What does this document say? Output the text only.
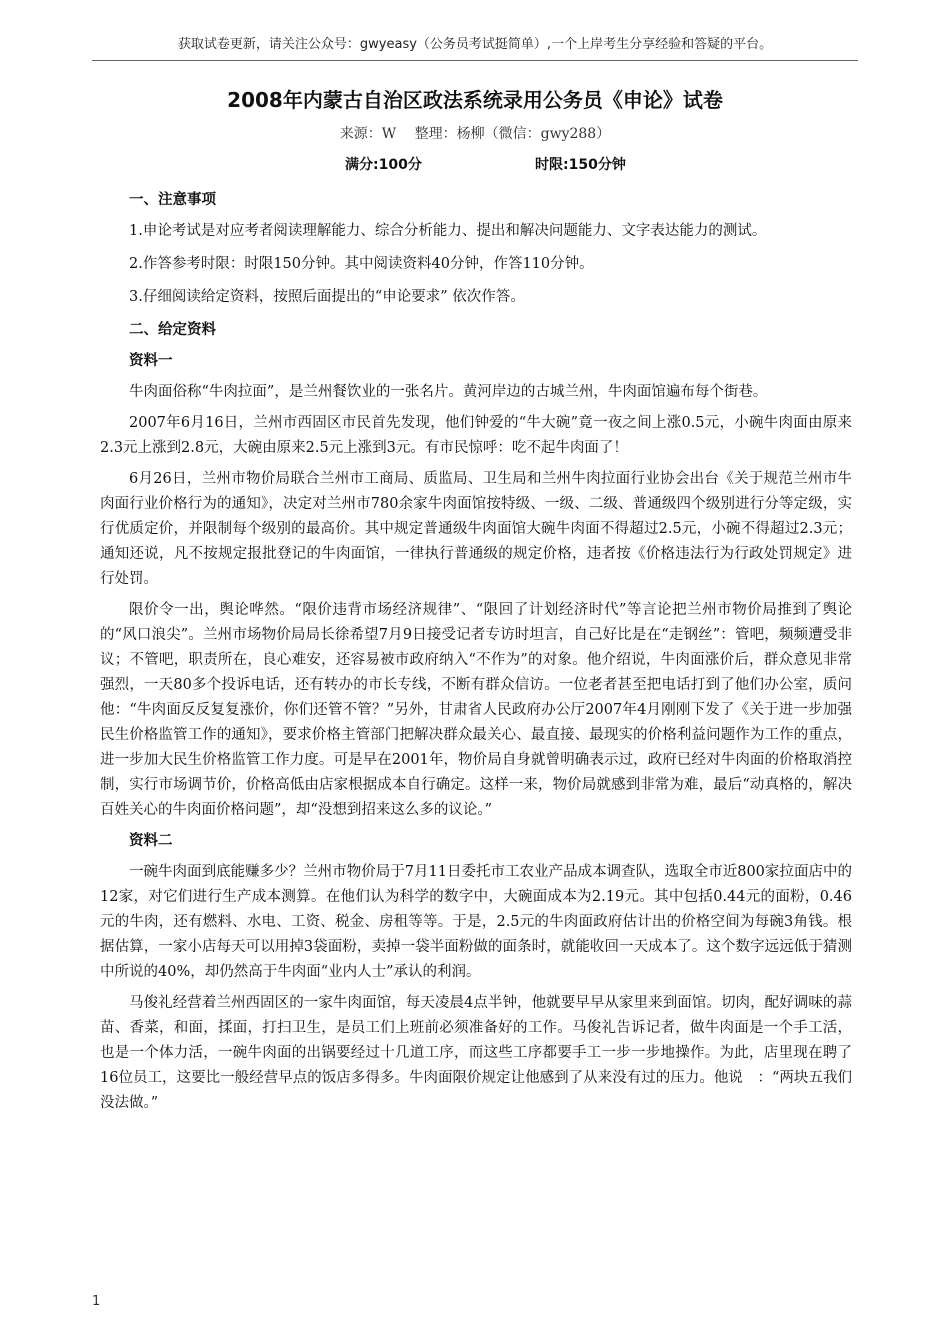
获取试卷更新，请关注公众号：gwyeasy（公务员考试挺简单）,一个上岸考生分享经验和答疑的平台。
2008年内蒙古自治区政法系统录用公务员《申论》试卷
来源：W　 整理：杨柳（微信：gwy288）
满分:100分	时限:150分钟
一、注意事项

1.申论考试是对应考者阅读理解能力、综合分析能力、提出和解决问题能力、文字表达能力的测试。

2.作答参考时限：时限150分钟。其中阅读资料40分钟，作答110分钟。

3.仔细阅读给定资料，按照后面提出的“申论要求” 依次作答。

二、给定资料
资料一

牛肉面俗称“牛肉拉面”，是兰州餐饮业的一张名片。黄河岸边的古城兰州，牛肉面馆遍布每个街巷。

2007年6月16日，兰州市西固区市民首先发现，他们钟爱的“牛大碗”竟一夜之间上涨0.5元，小碗牛肉面由原来2.3元上涨到2.8元，大碗由原来2.5元上涨到3元。有市民惊呼：吃不起牛肉面了！

6月26日，兰州市物价局联合兰州市工商局、质监局、卫生局和兰州牛肉拉面行业协会出台《关于规范兰州市牛肉面行业价格行为的通知》，决定对兰州市780余家牛肉面馆按特级、一级、二级、普通级四个级别进行分等定级，实行优质定价，并限制每个级别的最高价。其中规定普通级牛肉面馆大碗牛肉面不得超过2.5元，小碗不得超过2.3元；通知还说，凡不按规定报批登记的牛肉面馆，一律执行普通级的规定价格，违者按《价格违法行为行政处罚规定》进行处罚。

限价令一出，舆论哗然。“限价违背市场经济规律”、“限回了计划经济时代”等言论把兰州市物价局推到了舆论的“风口浪尖”。兰州市场物价局局长徐希望7月9日接受记者专访时坦言，自己好比是在“走钢丝”：管吧，频频遭受非议；不管吧，职责所在，良心难安，还容易被市政府纳入“不作为”的对象。他介绍说，牛肉面涨价后，群众意见非常强烈，一天80多个投诉电话，还有转办的市长专线，不断有群众信访。一位老者甚至把电话打到了他们办公室，质问他：“牛肉面反反复复涨价，你们还管不管？”另外，甘肃省人民政府办公厅2007年4月刚刚下发了《关于进一步加强民生价格监管工作的通知》，要求价格主管部门把解决群众最关心、最直接、最现实的价格利益问题作为工作的重点，进一步加大民生价格监管工作力度。可是早在2001年，物价局自身就曾明确表示过，政府已经对牛肉面的价格取消控制，实行市场调节价，价格高低由店家根据成本自行确定。这样一来，物价局就感到非常为难，最后“动真格的，解决百姓关心的牛肉面价格问题”，却“没想到招来这么多的议论。”

资料二

一碗牛肉面到底能赚多少？兰州市物价局于7月11日委托市工农业产品成本调查队，选取全市近800家拉面店中的12家，对它们进行生产成本测算。在他们认为科学的数字中，大碗面成本为2.19元。其中包括0.44元的面粉，0.46元的牛肉，还有燃料、水电、工资、税金、房租等等。于是，2.5元的牛肉面政府估计出的价格空间为每碗3角钱。根据估算，一家小店每天可以用掉3袋面粉，卖掉一袋半面粉做的面条时，就能收回一天成本了。这个数字远远低于猜测中所说的40%，却仍然高于牛肉面“业内人士”承认的利润。

马俊礼经营着兰州西固区的一家牛肉面馆，每天凌晨4点半钟，他就要早早从家里来到面馆。切肉，配好调味的蒜苗、香菜，和面，揉面，打扫卫生，是员工们上班前必须准备好的工作。马俊礼告诉记者，做牛肉面是一个手工活，也是一个体力活，一碗牛肉面的出锅要经过十几道工序，而这些工序都要手工一步一步地操作。为此，店里现在聘了16位员工，这要比一般经营早点的饭店多得多。牛肉面限价规定让他感到了从来没有过的压力。他说　：“两块五我们没法做。”

1
